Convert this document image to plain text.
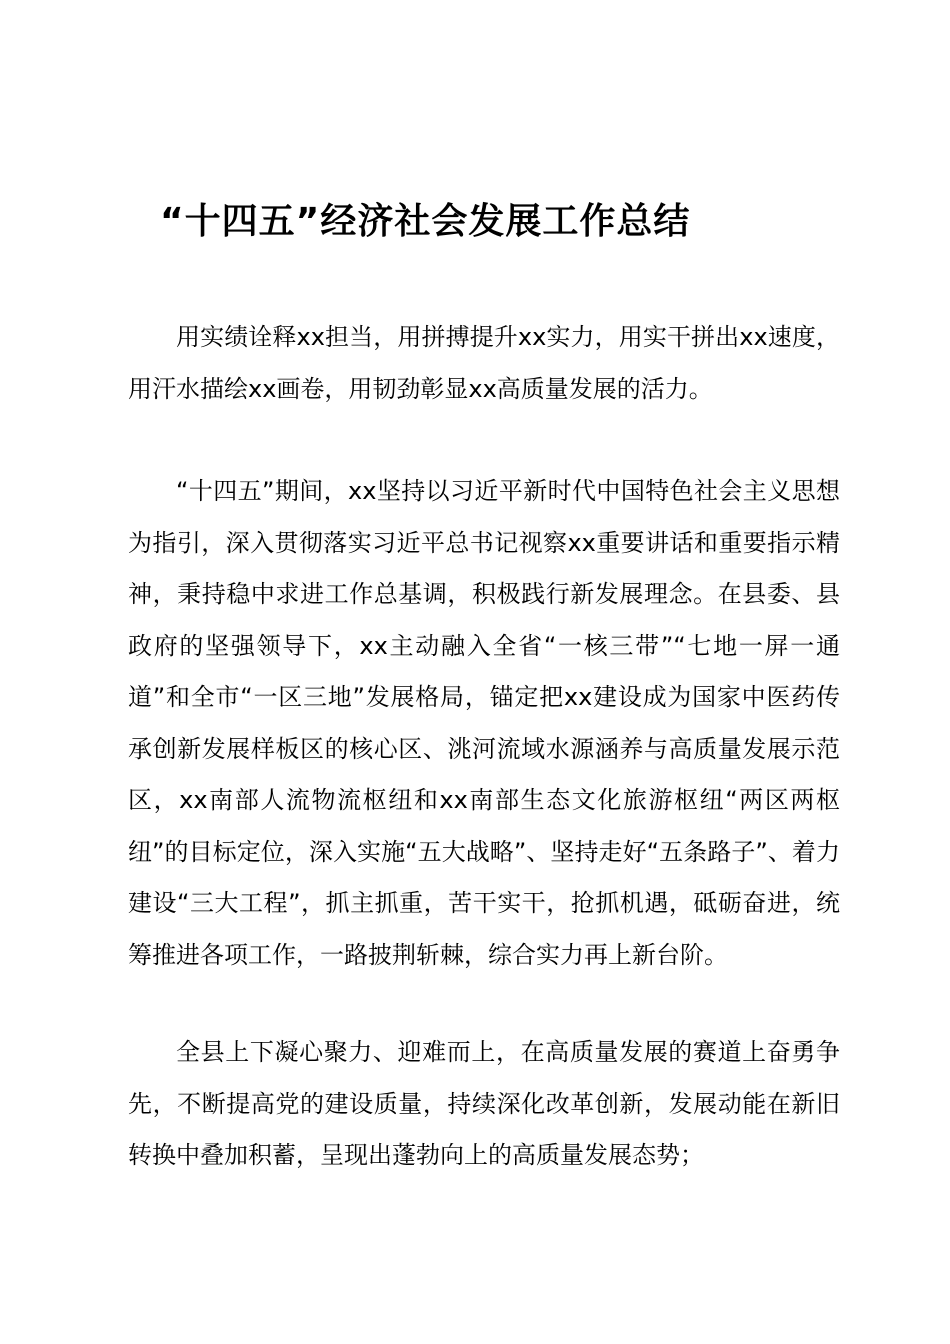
“十四五”经济社会发展工作总结

用实绩诠释xx担当，用拼搏提升xx实力，用实干拼出xx速度，用汗水描绘xx画卷，用韧劲彰显xx高质量发展的活力。

“十四五”期间，xx坚持以习近平新时代中国特色社会主义思想为指引，深入贯彻落实习近平总书记视察xx重要讲话和重要指示精神，秉持稳中求进工作总基调，积极践行新发展理念。在县委、县政府的坚强领导下，xx主动融入全省“一核三带”“七地一屏一通道”和全市“一区三地”发展格局，锚定把xx建设成为国家中医药传承创新发展样板区的核心区、洮河流域水源涵养与高质量发展示范区，xx南部人流物流枢纽和xx南部生态文化旅游枢纽“两区两枢纽”的目标定位，深入实施“五大战略”、坚持走好“五条路子”、着力建设“三大工程”，抓主抓重，苦干实干，抢抓机遇，砥砺奋进，统筹推进各项工作，一路披荆斩棘，综合实力再上新台阶。

全县上下凝心聚力、迎难而上，在高质量发展的赛道上奋勇争先，不断提高党的建设质量，持续深化改革创新，发展动能在新旧转换中叠加积蓄，呈现出蓬勃向上的高质量发展态势；
